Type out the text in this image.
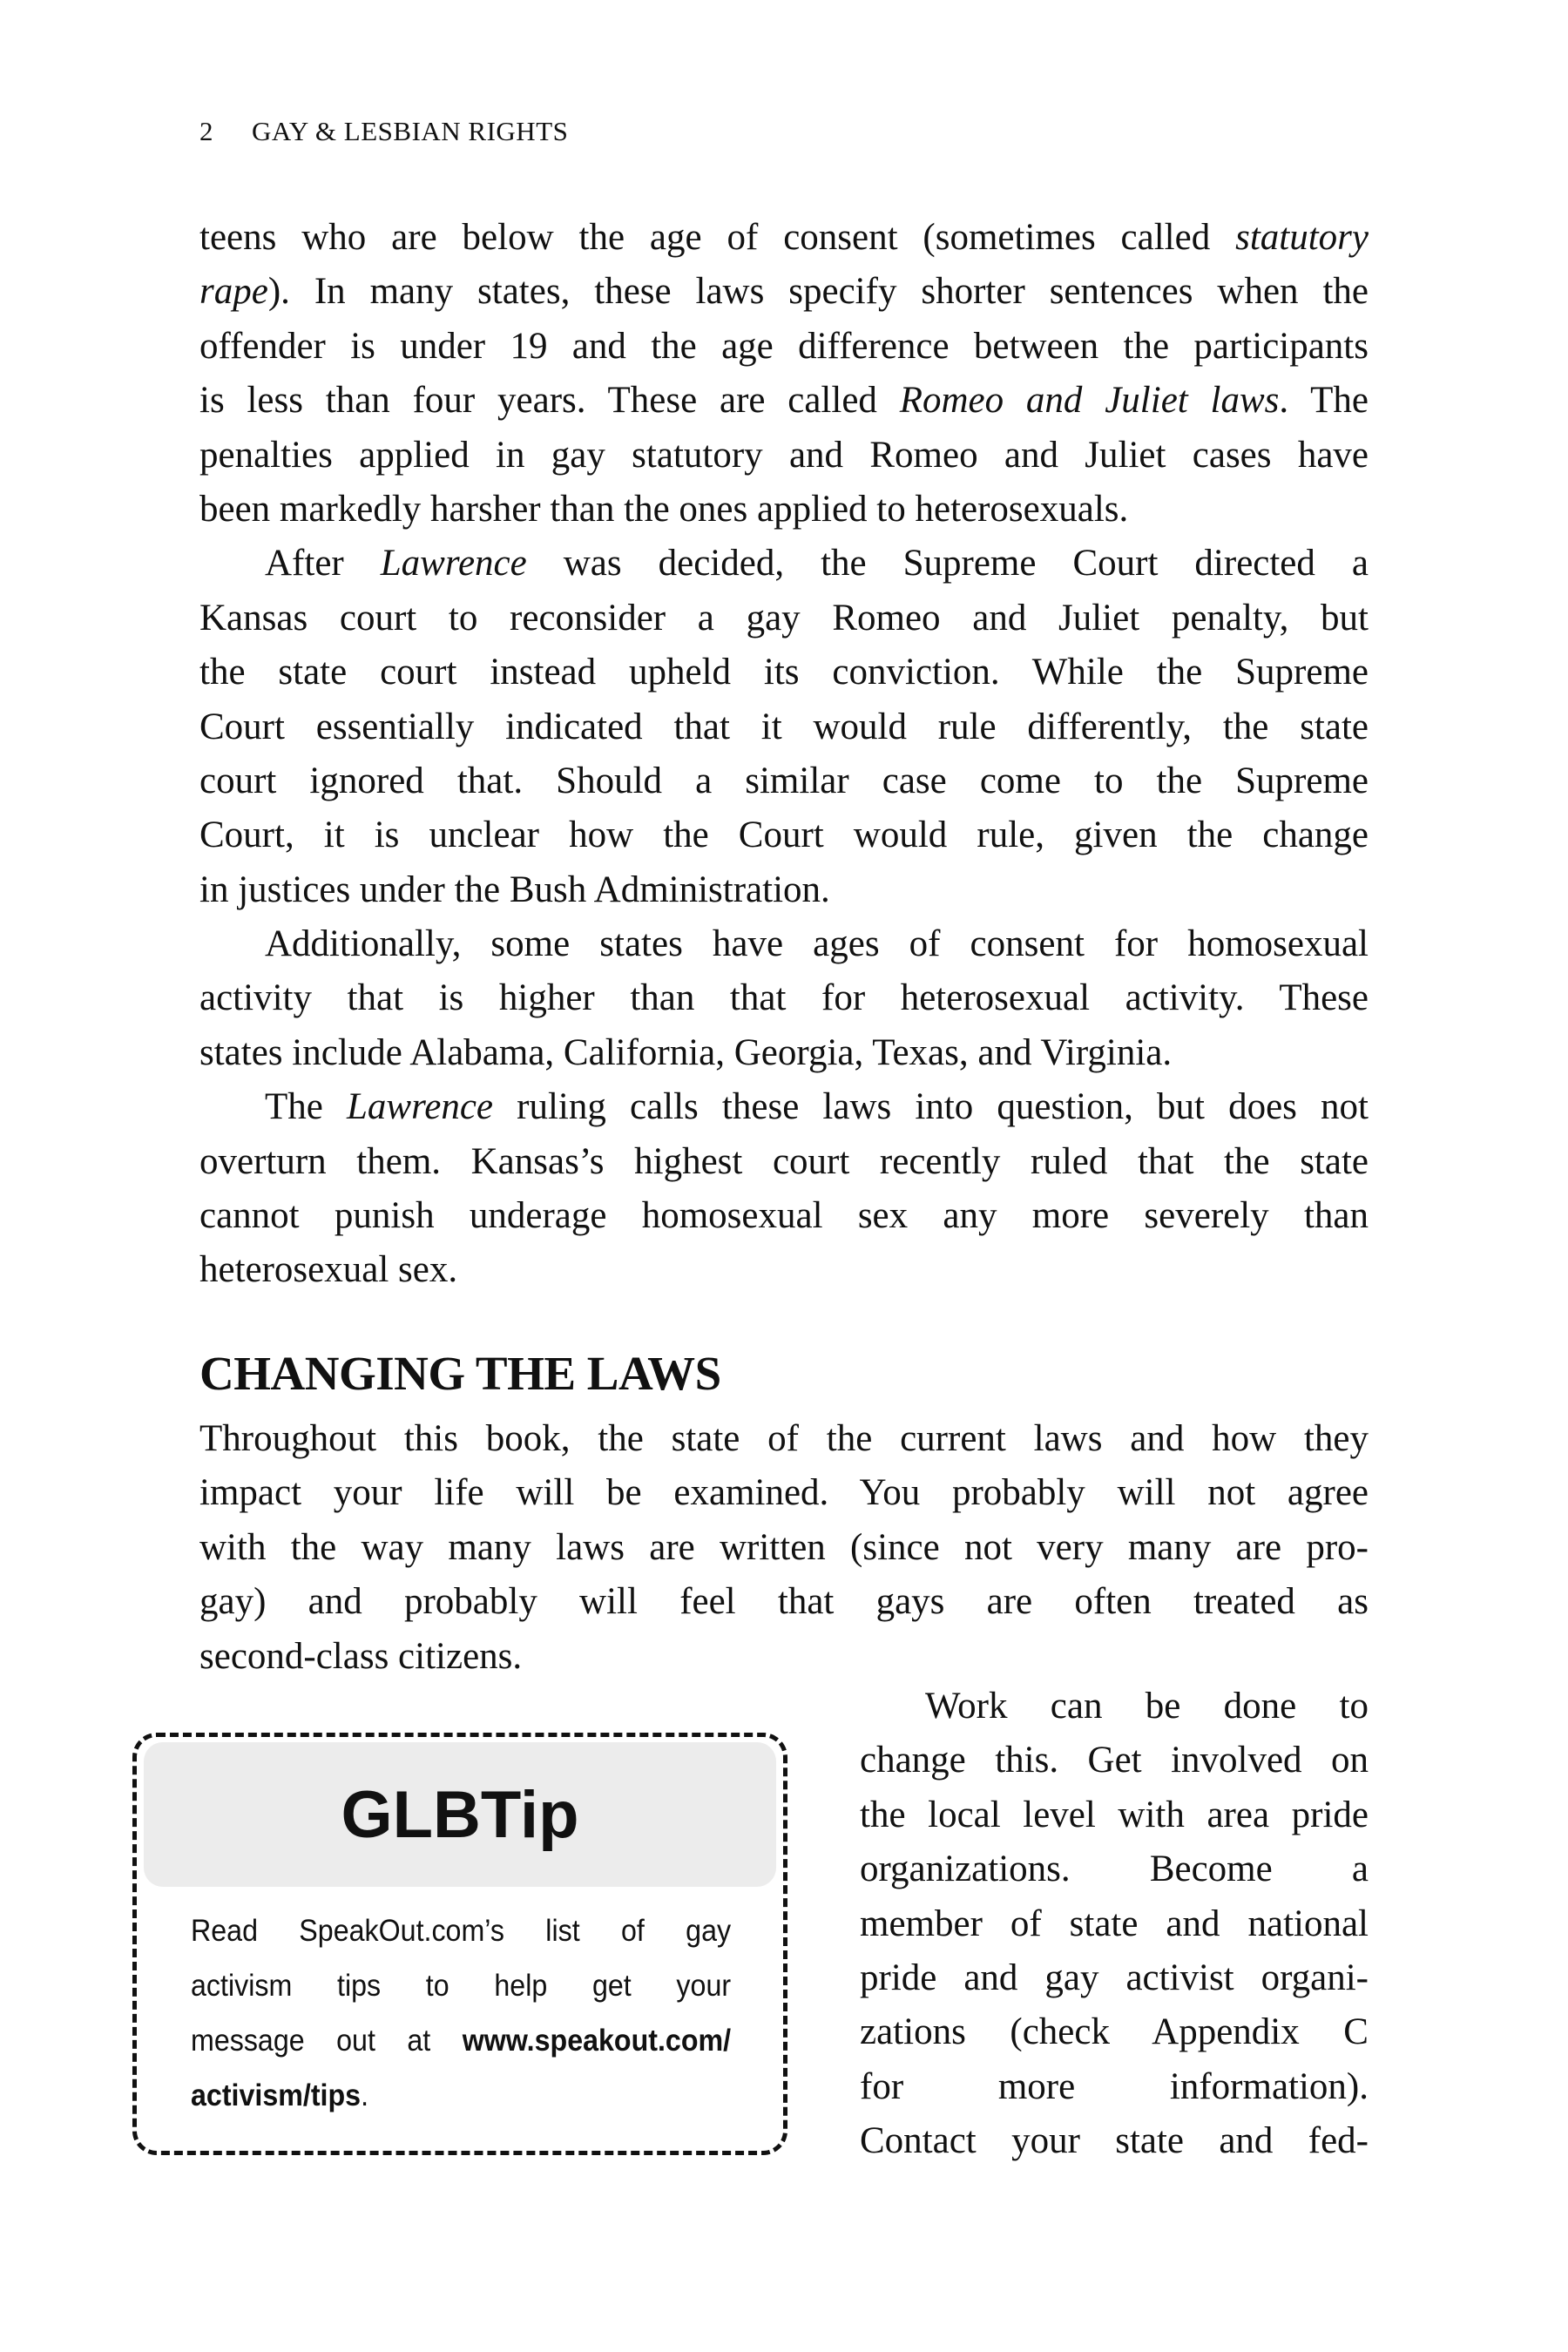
2 GAY & LESBIAN RIGHTS
teens who are below the age of consent (sometimes called statutory
rape). In many states, these laws specify shorter sentences when the
offender is under 19 and the age difference between the participants
is less than four years. These are called Romeo and Juliet laws. The
penalties applied in gay statutory and Romeo and Juliet cases have
been markedly harsher than the ones applied to heterosexuals.
After Lawrence was decided, the Supreme Court directed a
Kansas court to reconsider a gay Romeo and Juliet penalty, but
the state court instead upheld its conviction. While the Supreme
Court essentially indicated that it would rule differently, the state
court ignored that. Should a similar case come to the Supreme
Court, it is unclear how the Court would rule, given the change
in justices under the Bush Administration.
Additionally, some states have ages of consent for homosexual
activity that is higher than that for heterosexual activity. These
states include Alabama, California, Georgia, Texas, and Virginia.
The Lawrence ruling calls these laws into question, but does not
overturn them. Kansas’s highest court recently ruled that the state
cannot punish underage homosexual sex any more severely than
heterosexual sex.
CHANGING THE LAWS
Throughout this book, the state of the current laws and how they
impact your life will be examined. You probably will not agree
with the way many laws are written (since not very many are pro-
gay) and probably will feel that gays are often treated as
second-class citizens.
GLBTip
Read SpeakOut.com’s list of gay
activism tips to help get your
message out at www.speakout.com/
activism/tips.
Work can be done to
change this. Get involved on
the local level with area pride
organizations. Become a
member of state and national
pride and gay activist organi-
zations (check Appendix C
for more information).
Contact your state and fed-
